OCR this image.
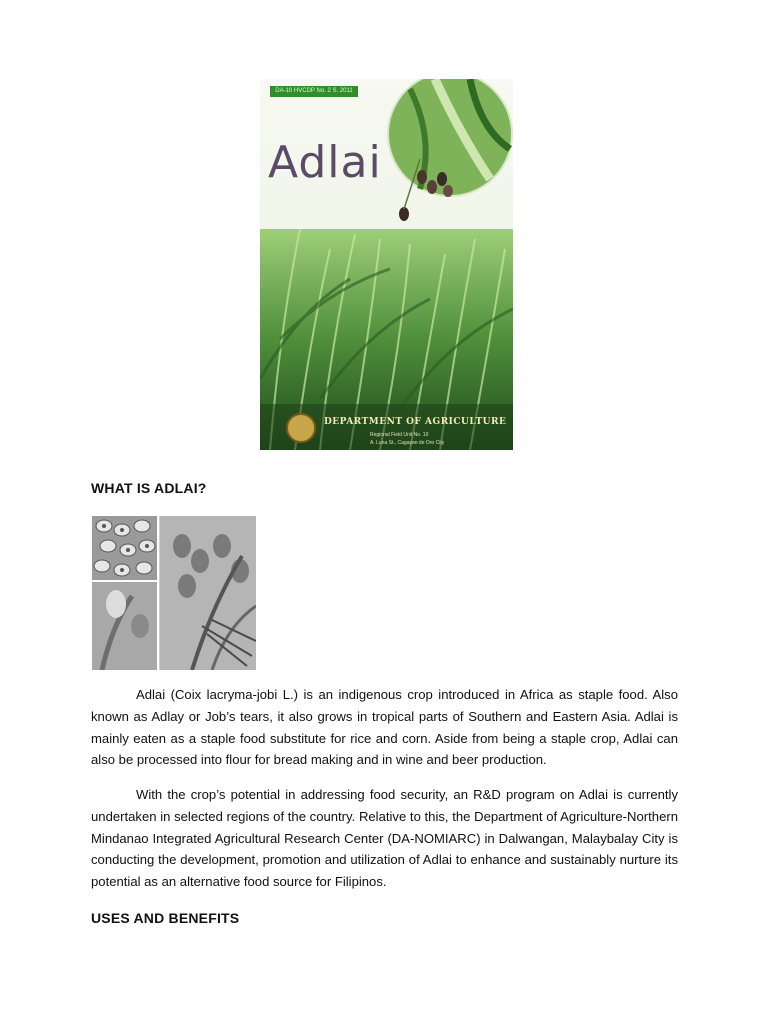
DA-10 HVCDP No. 2 S. 2011
Adlai
DEPARTMENT OF AGRICULTURE
Regional Field Unit No. 10
A. Luna St., Cagayan de Oro City
WHAT IS ADLAI?

Adlai (Coix lacryma-jobi L.) is an indigenous crop introduced in Africa as staple food. Also known as Adlay or Job’s tears, it also grows in tropical parts of Southern and Eastern Asia. Adlai is mainly eaten as a staple food substitute for rice and corn. Aside from being a staple crop, Adlai can also be processed into flour for bread making and in wine and beer production.

With the crop’s potential in addressing food security, an R&D program on Adlai is currently undertaken in selected regions of the country. Relative to this, the Department of Agriculture-Northern Mindanao Integrated Agricultural Research Center (DA-NOMIARC) in Dalwangan, Malaybalay City is conducting the development, promotion and utilization of Adlai to enhance and sustainably nurture its potential as an alternative food source for Filipinos.

USES AND BENEFITS
